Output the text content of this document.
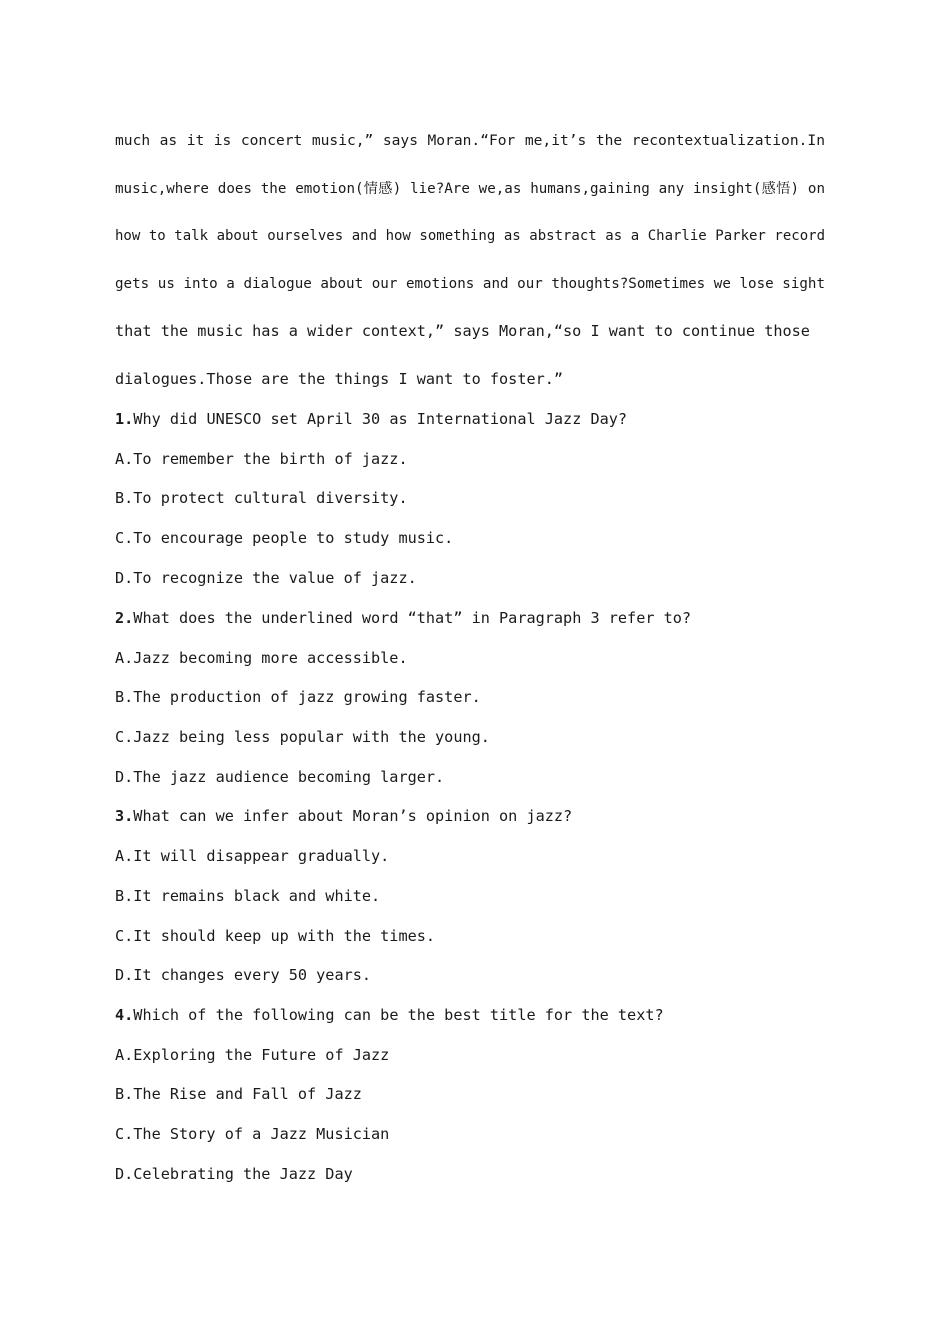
much as it is concert music,” says Moran.“For me,it’s the recontextualization.In
music,where does the emotion(情感) lie?Are we,as humans,gaining any insight(感悟) on
how to talk about ourselves and how something as abstract as a Charlie Parker record
gets us into a dialogue about our emotions and our thoughts?Sometimes we lose sight
that the music has a wider context,” says Moran,“so I want to continue those
dialogues.Those are the things I want to foster.”
1.Why did UNESCO set April 30 as International Jazz Day?
A.To remember the birth of jazz.
B.To protect cultural diversity.
C.To encourage people to study music.
D.To recognize the value of jazz.
2.What does the underlined word “that” in Paragraph 3 refer to?
A.Jazz becoming more accessible.
B.The production of jazz growing faster.
C.Jazz being less popular with the young.
D.The jazz audience becoming larger.
3.What can we infer about Moran’s opinion on jazz?
A.It will disappear gradually.
B.It remains black and white.
C.It should keep up with the times.
D.It changes every 50 years.
4.Which of the following can be the best title for the text?
A.Exploring the Future of Jazz
B.The Rise and Fall of Jazz
C.The Story of a Jazz Musician
D.Celebrating the Jazz Day
